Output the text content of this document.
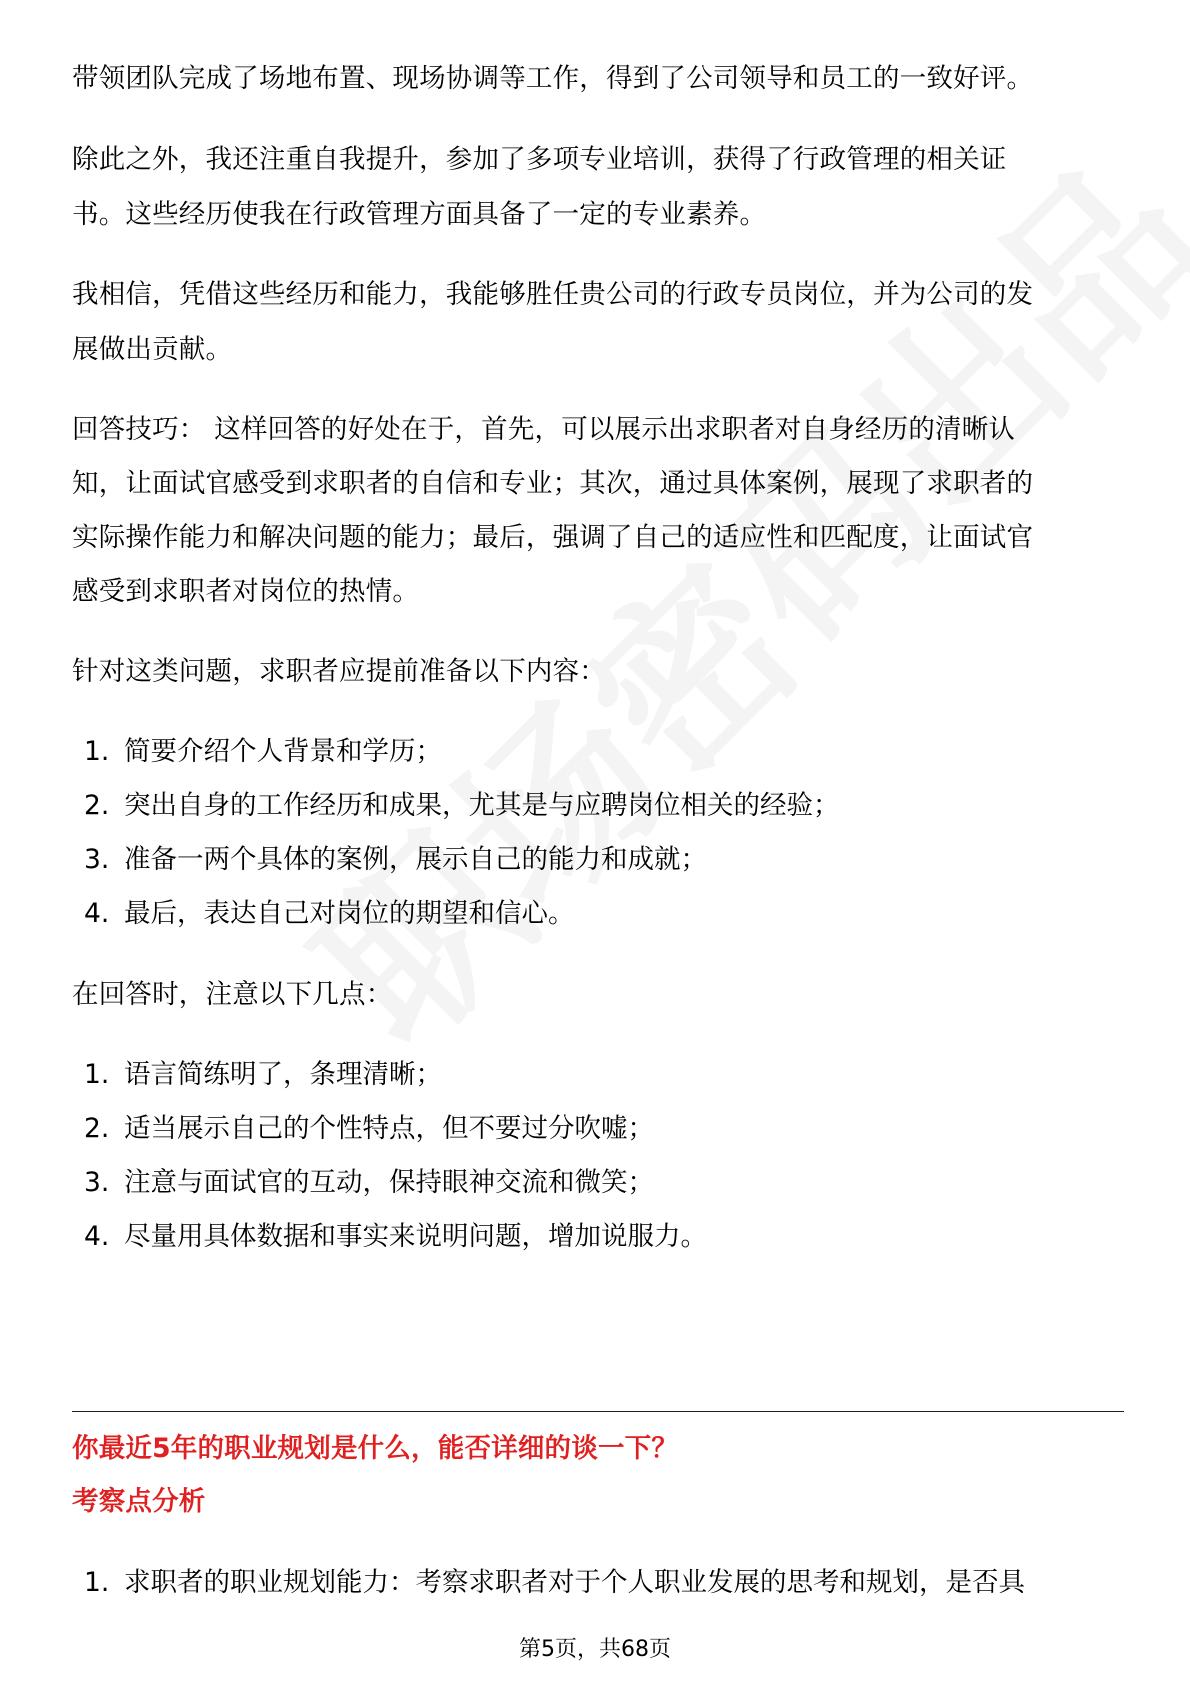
带领团队完成了场地布置、现场协调等工作，得到了公司领导和员工的一致好评。
除此之外，我还注重自我提升，参加了多项专业培训，获得了行政管理的相关证
书。这些经历使我在行政管理方面具备了一定的专业素养。
我相信，凭借这些经历和能力，我能够胜任贵公司的行政专员岗位，并为公司的发
展做出贡献。
回答技巧： 这样回答的好处在于，首先，可以展示出求职者对自身经历的清晰认
知，让面试官感受到求职者的自信和专业；其次，通过具体案例，展现了求职者的
实际操作能力和解决问题的能力；最后，强调了自己的适应性和匹配度，让面试官
感受到求职者对岗位的热情。
针对这类问题，求职者应提前准备以下内容：
1. 简要介绍个人背景和学历；
2. 突出自身的工作经历和成果，尤其是与应聘岗位相关的经验；
3. 准备一两个具体的案例，展示自己的能力和成就；
4. 最后，表达自己对岗位的期望和信心。
在回答时，注意以下几点：
1. 语言简练明了，条理清晰；
2. 适当展示自己的个性特点，但不要过分吹嘘；
3. 注意与面试官的互动，保持眼神交流和微笑；
4. 尽量用具体数据和事实来说明问题，增加说服力。
你最近5年的职业规划是什么，能否详细的谈一下？
考察点分析
1. 求职者的职业规划能力：考察求职者对于个人职业发展的思考和规划，是否具
第5页，共68页
